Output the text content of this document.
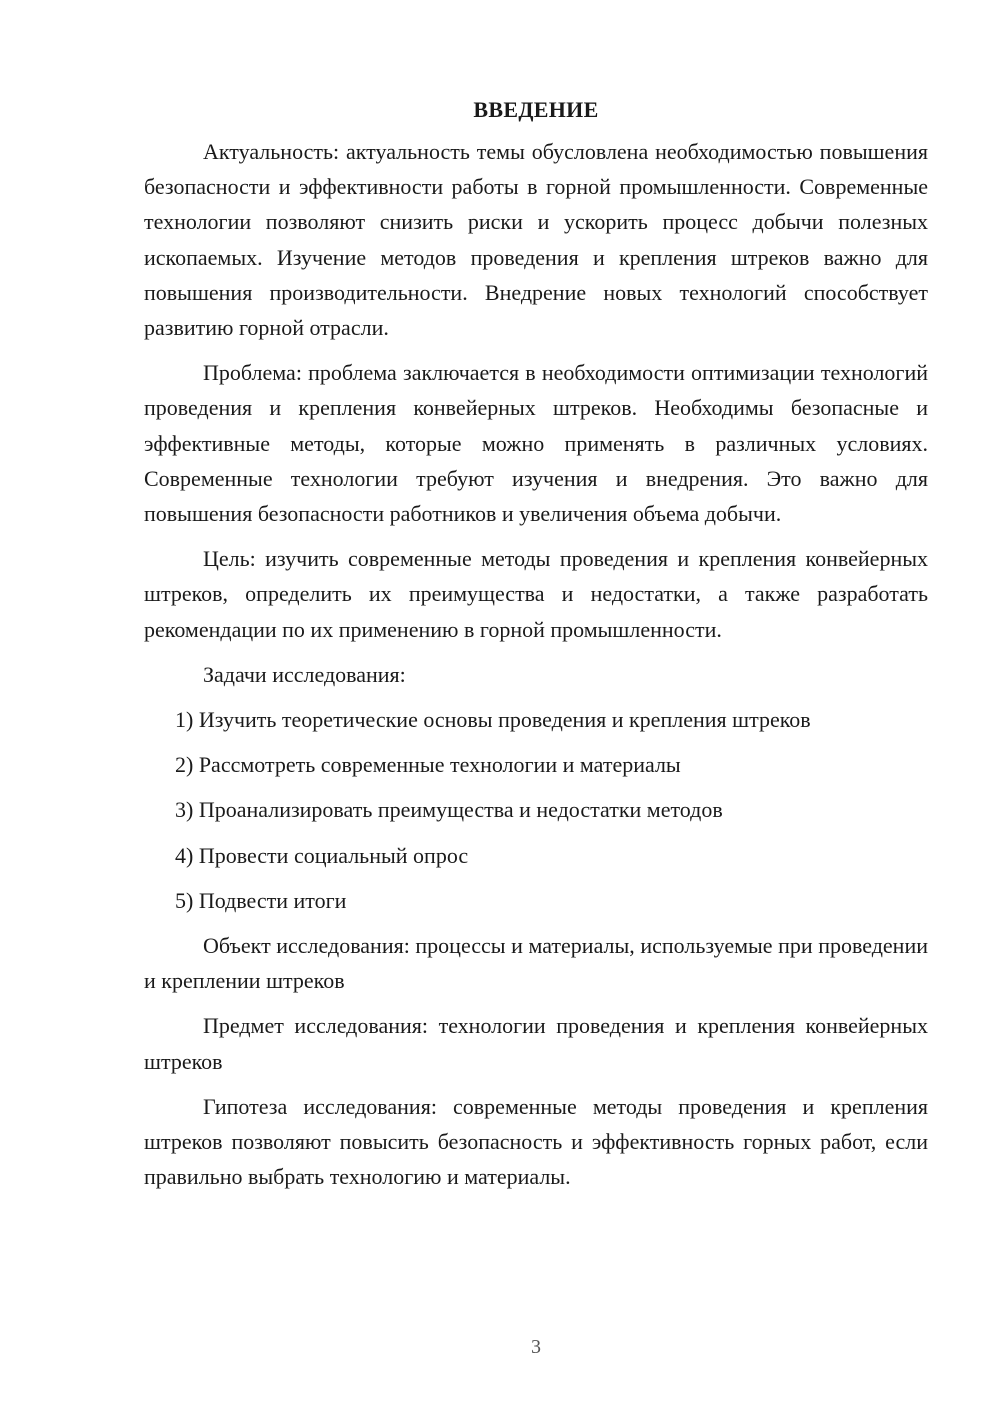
ВВЕДЕНИЕ

Актуальность: актуальность темы обусловлена необходимостью повышения безопасности и эффективности работы в горной промышленности. Современные технологии позволяют снизить риски и ускорить процесс добычи полезных ископаемых. Изучение методов проведения и крепления штреков важно для повышения производительности. Внедрение новых технологий способствует развитию горной отрасли.

Проблема: проблема заключается в необходимости оптимизации технологий проведения и крепления конвейерных штреков. Необходимы безопасные и эффективные методы, которые можно применять в различных условиях. Современные технологии требуют изучения и внедрения. Это важно для повышения безопасности работников и увеличения объема добычи.

Цель: изучить современные методы проведения и крепления конвейерных штреков, определить их преимущества и недостатки, а также разработать рекомендации по их применению в горной промышленности.

Задачи исследования:

1) Изучить теоретические основы проведения и крепления штреков
2) Рассмотреть современные технологии и материалы
3) Проанализировать преимущества и недостатки методов
4) Провести социальный опрос
5) Подвести итоги

Объект исследования: процессы и материалы, используемые при проведении и креплении штреков

Предмет исследования: технологии проведения и крепления конвейерных штреков

Гипотеза исследования: современные методы проведения и крепления штреков позволяют повысить безопасность и эффективность горных работ, если правильно выбрать технологию и материалы.

3
